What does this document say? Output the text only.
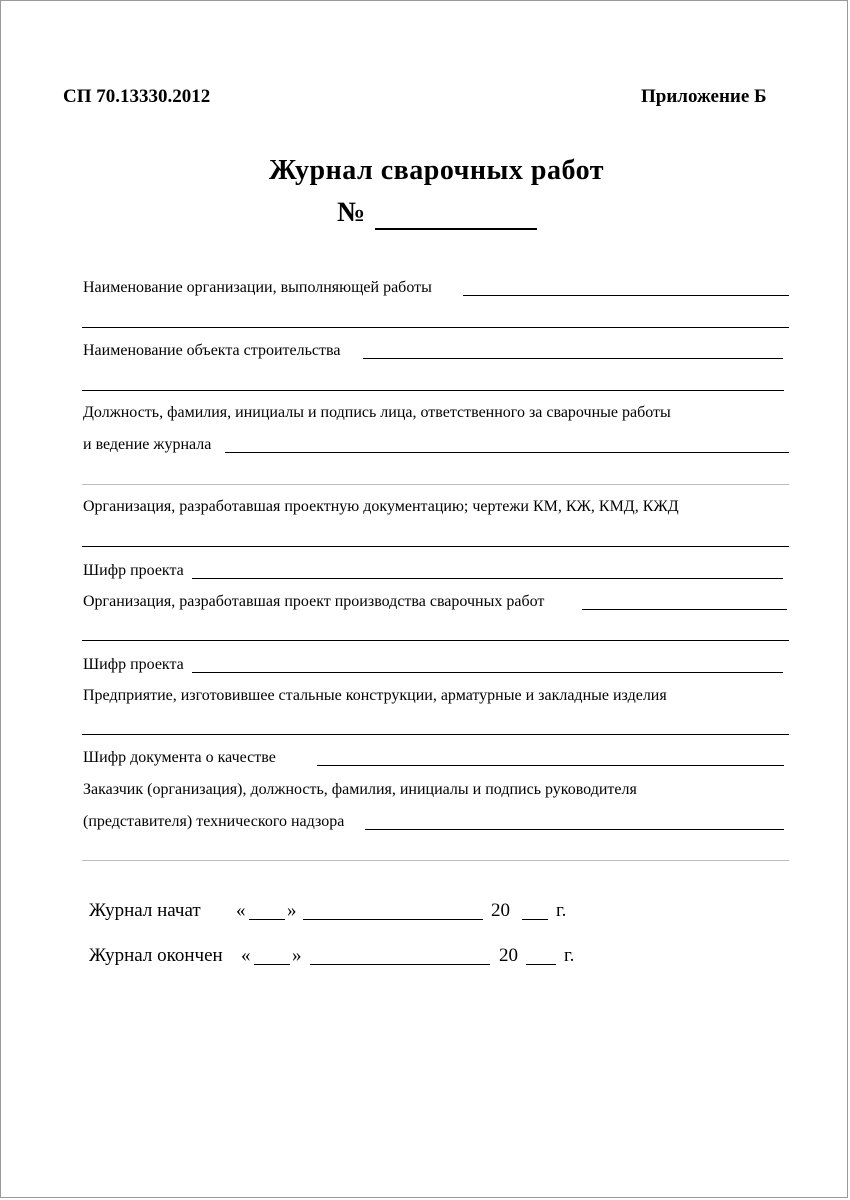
СП 70.13330.2012	Приложение Б
Журнал сварочных работ
№
Наименование организации, выполняющей работы
Наименование объекта строительства
Должность, фамилия, инициалы и подпись лица, ответственного за сварочные работы
и ведение журнала
Организация, разработавшая проектную документацию; чертежи КМ, КЖ, КМД, КЖД
Шифр проекта
Организация, разработавшая проект производства сварочных работ
Шифр проекта
Предприятие, изготовившее стальные конструкции, арматурные и закладные изделия
Шифр документа о качестве
Заказчик (организация), должность, фамилия, инициалы и подпись руководителя
(представителя) технического надзора
Журнал начат « »	20 г.
Журнал окончен « »	20 г.
